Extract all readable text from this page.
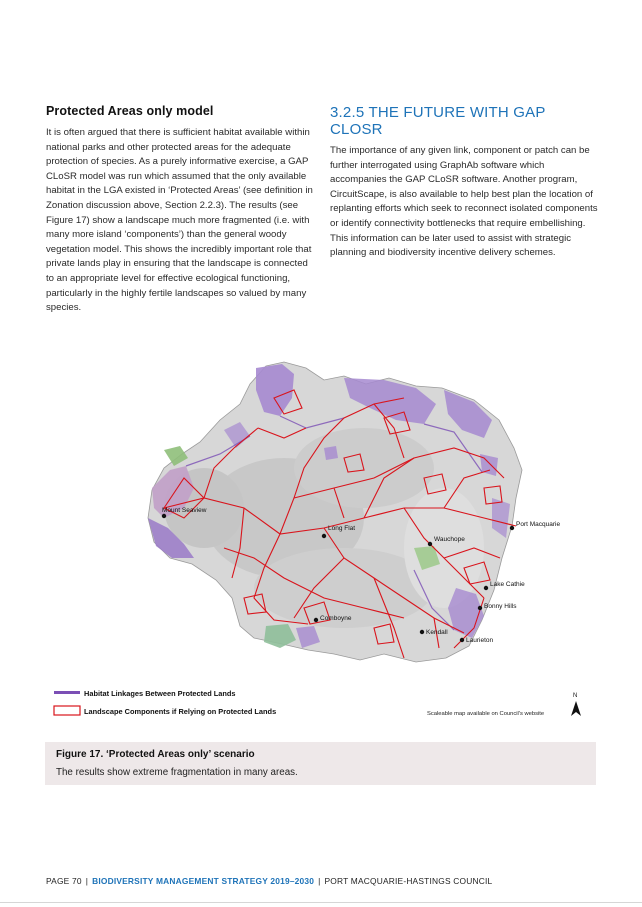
Protected Areas only model

It is often argued that there is sufficient habitat available within national parks and other protected areas for the adequate protection of species. As a purely informative exercise, a GAP CLoSR model was run which assumed that the only available habitat in the LGA existed in ‘Protected Areas’ (see definition in Zonation discussion above, Section 2.2.3). The results (see Figure 17) show a landscape much more fragmented (i.e. with many more island ‘components’) than the general woody vegetation model. This shows the incredibly important role that private lands play in ensuring that the landscape is connected to an appropriate level for effective ecological functioning, particularly in the highly fertile landscapes so valued by many species.

3.2.5 THE FUTURE WITH GAP CLOSR

The importance of any given link, component or patch can be further interrogated using GraphAb software which accompanies the GAP CLoSR software. Another program, CircuitScape, is also available to help best plan the location of replanting efforts which seek to reconnect isolated components or identify connectivity bottlenecks that require embellishing. This information can be later used to assist with strategic planning and biodiversity incentive delivery schemes.

Mount Seaview
Long Flat
Wauchope
Port Macquarie
Lake Cathie
Bonny Hills
Comboyne
Kendall
Laurieton
Habitat Linkages Between Protected Lands
Landscape Components if Relying on Protected Lands
N
Scaleable map available on Council's website
Figure 17. ‘Protected Areas only’ scenario
The results show extreme fragmentation in many areas.
PAGE 70 | BIODIVERSITY MANAGEMENT STRATEGY 2019–2030 | PORT MACQUARIE-HASTINGS COUNCIL
